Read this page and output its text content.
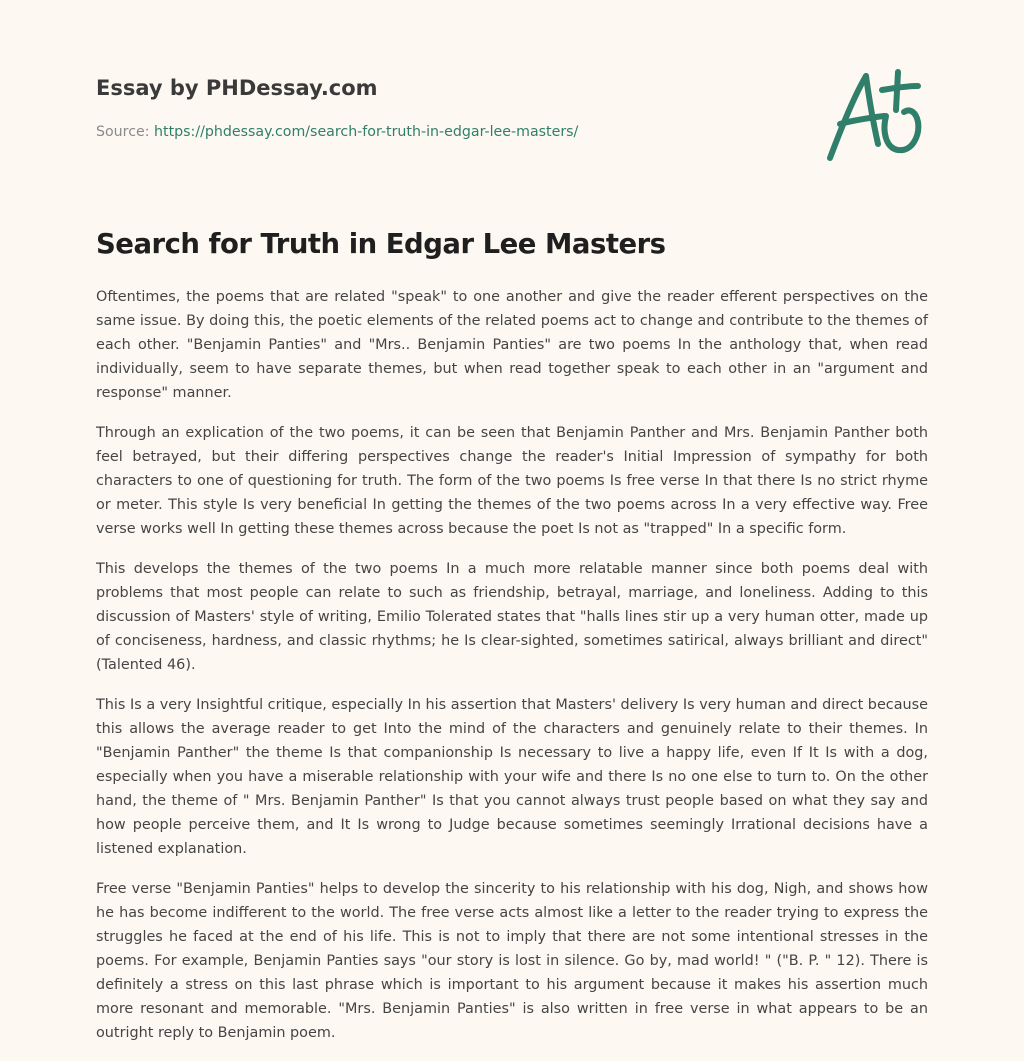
Essay by PHDessay.com
Source: https://phdessay.com/search-for-truth-in-edgar-lee-masters/
Search for Truth in Edgar Lee Masters

Oftentimes, the poems that are related "speak" to one another and give the reader efferent perspectives on the same issue. By doing this, the poetic elements of the related poems act to change and contribute to the themes of each other. "Benjamin Panties" and "Mrs.. Benjamin Panties" are two poems In the anthology that, when read individually, seem to have separate themes, but when read together speak to each other in an "argument and response" manner.

Through an explication of the two poems, it can be seen that Benjamin Panther and Mrs. Benjamin Panther both feel betrayed, but their differing perspectives change the reader's Initial Impression of sympathy for both characters to one of questioning for truth. The form of the two poems Is free verse In that there Is no strict rhyme or meter. This style Is very beneficial In getting the themes of the two poems across In a very effective way. Free verse works well In getting these themes across because the poet Is not as "trapped" In a specific form.

This develops the themes of the two poems In a much more relatable manner since both poems deal with problems that most people can relate to such as friendship, betrayal, marriage, and loneliness. Adding to this discussion of Masters' style of writing, Emilio Tolerated states that "halls lines stir up a very human otter, made up of conciseness, hardness, and classic rhythms; he Is clear-sighted, sometimes satirical, always brilliant and direct" (Talented 46).

This Is a very Insightful critique, especially In his assertion that Masters' delivery Is very human and direct because this allows the average reader to get Into the mind of the characters and genuinely relate to their themes. In "Benjamin Panther" the theme Is that companionship Is necessary to live a happy life, even If It Is with a dog, especially when you have a miserable relationship with your wife and there Is no one else to turn to. On the other hand, the theme of " Mrs. Benjamin Panther" Is that you cannot always trust people based on what they say and how people perceive them, and It Is wrong to Judge because sometimes seemingly Irrational decisions have a listened explanation.

Free verse "Benjamin Panties" helps to develop the sincerity to his relationship with his dog, Nigh, and shows how he has become indifferent to the world. The free verse acts almost like a letter to the reader trying to express the struggles he faced at the end of his life. This is not to imply that there are not some intentional stresses in the poems. For example, Benjamin Panties says "our story is lost in silence. Go by, mad world! " ("B. P. " 12). There is definitely a stress on this last phrase which is important to his argument because it makes his assertion much more resonant and memorable. "Mrs. Benjamin Panties" is also written in free verse in what appears to be an outright reply to Benjamin poem.
